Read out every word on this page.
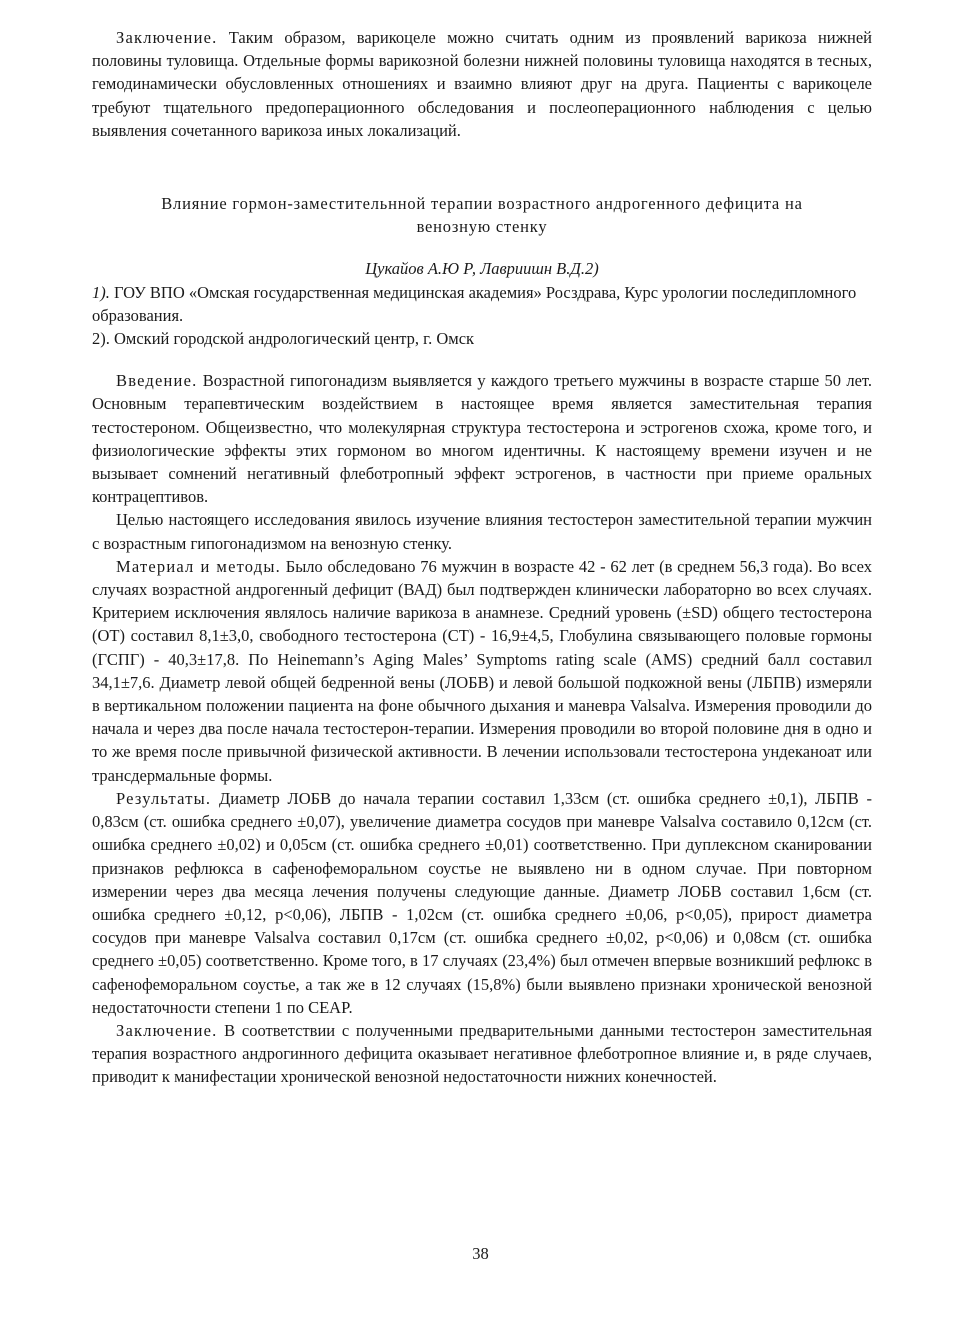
Заключение. Таким образом, варикоцеле можно считать одним из проявлений варикоза нижней половины туловища. Отдельные формы варикозной болезни нижней половины туловища находятся в тесных, гемодинамически обусловленных отношениях и взаимно влияют друг на друга. Пациенты с варикоцеле требуют тщательного предоперационного обследования и послеоперационного наблюдения с целью выявления сочетанного варикоза иных локализаций.

Влияние гормон-заместительнной терапии возрастного андрогенного дефицита на
венозную стенку

Цукайов А.Ю Р, Лавриишн В.Д.2)

1). ГОУ ВПО «Омская государственная медицинская академия» Росздрава, Курс урологии последипломного образования.

2). Омский городской андрологический центр, г. Омск

Введение. Возрастной гипогонадизм выявляется у каждого третьего мужчины в возрасте старше 50 лет. Основным терапевтическим воздействием в настоящее время является заместительная терапия тестостероном. Общеизвестно, что молекулярная структура тестостерона и эстрогенов схожа, кроме того, и физиологические эффекты этих гормоном во многом идентичны. К настоящему времени изучен и не вызывает сомнений негативный флеботропный эффект эстрогенов, в частности при приеме оральных контрацептивов.

Целью настоящего исследования явилось изучение влияния тестостерон заместительной терапии мужчин с возрастным гипогонадизмом на венозную стенку.

Материал и методы. Было обследовано 76 мужчин в возрасте 42 - 62 лет (в среднем 56,3 года). Во всех случаях возрастной андрогенный дефицит (ВАД) был подтвержден клинически лабораторно во всех случаях. Критерием исключения являлось наличие варикоза в анамнезе. Средний уровень (±SD) общего тестостерона (ОТ) составил 8,1±3,0, свободного тестостерона (СТ) - 16,9±4,5, Глобулина связывающего половые гормоны (ГСПГ) - 40,3±17,8. По Heinemann’s Aging Males’ Symptoms rating scale (AMS) средний балл составил 34,1±7,6. Диаметр левой общей бедренной вены (ЛОБВ) и левой большой подкожной вены (ЛБПВ) измеряли в вертикальном положении пациента на фоне обычного дыхания и маневра Valsalva. Измерения проводили до начала и через два после начала тестостерон-терапии. Измерения проводили во второй половине дня в одно и то же время после привычной физической активности. В лечении использовали тестостерона ундеканоат или трансдермальные формы.

Результаты. Диаметр ЛОБВ до начала терапии составил 1,33см (ст. ошибка среднего ±0,1), ЛБПВ - 0,83см (ст. ошибка среднего ±0,07), увеличение диаметра сосудов при маневре Valsalva составило 0,12см (ст. ошибка среднего ±0,02) и 0,05см (ст. ошибка среднего ±0,01) соответственно. При дуплексном сканировании признаков рефлюкса в сафенофеморальном соустье не выявлено ни в одном случае. При повторном измерении через два месяца лечения получены следующие данные. Диаметр ЛОБВ составил 1,6см (ст. ошибка среднего ±0,12, p<0,06), ЛБПВ - 1,02см (ст. ошибка среднего ±0,06, p<0,05), прирост диаметра сосудов при маневре Valsalva составил 0,17см (ст. ошибка среднего ±0,02, p<0,06) и 0,08см (ст. ошибка среднего ±0,05) соответственно. Кроме того, в 17 случаях (23,4%) был отмечен впервые возникший рефлюкс в сафенофеморальном соустье, а так же в 12 случаях (15,8%) были выявлено признаки хронической венозной недостаточности степени 1 по CEAP.

Заключение. В соответствии с полученными предварительными данными тестостерон заместительная терапия возрастного андрогинного дефицита оказывает негативное флеботропное влияние и, в ряде случаев, приводит к манифестации хронической венозной недостаточности нижних конечностей.

38
